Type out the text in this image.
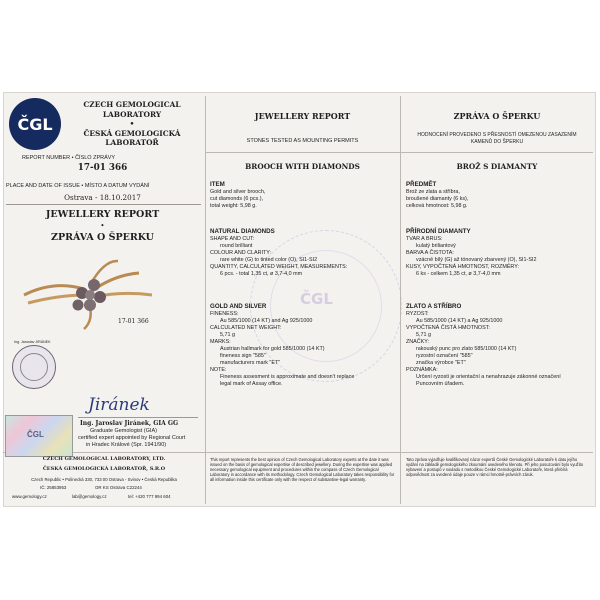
ČGL
ČGL
CZECH GEMOLOGICAL
LABORATORY
•
ČESKÁ GEMOLOGICKÁ
LABORATOŘ
REPORT NUMBER • ČÍSLO ZPRÁVY
17-01 366
PLACE AND DATE OF ISSUE • MÍSTO A DATUM VYDÁNÍ
Ostrava - 18.10.2017
JEWELLERY REPORT
•
ZPRÁVA O ŠPERKU
17-01 366
Ing. Jaroslav JIRÁNEK
Jiránek
ČGL
Ing. Jaroslav Jiránek, GIA GG
Graduate Gemologist (GIA)
certified expert appointed by Regional Court
in Hradec Králové (Spr. 1941/90)
JEWELLERY REPORT
STONES TESTED AS MOUNTING PERMITS
BROOCH WITH DIAMONDS
ITEM
Gold and silver brooch,
cut diamonds (6 pcs.),
total weight: 5,98 g.
NATURAL DIAMONDS
SHAPE AND CUT:
round brilliant
COLOUR AND CLARITY:
rare white (G) to tinted color (O), SI1-SI2
QUANTITY, CALCULATED WEIGHT, MEASUREMENTS:
6 pcs. - total 1,35 ct, ø 3,7-4,0 mm
GOLD AND SILVER
FINENESS:
Au 585/1000 (14 KT) and Ag 925/1000
CALCULATED NET WEIGHT:
5,71 g
MARKS:
Austrian hallmark for gold 585/1000 (14 KT)
fineness sign "585"
manufacturers mark "ET"
NOTE:
Fineness assesment is approximate and doesn't replace
legal mark of Assay office.
ZPRÁVA O ŠPERKU
HODNOCENÍ PROVEDENO S PŘESNOSTÍ OMEZENOU ZASAZENÍM
KAMENŮ DO ŠPERKU
BROŽ S DIAMANTY
PŘEDMĚT
Brož ze zlata a stříbra,
broušené diamanty (6 ks),
celková hmotnost: 5,98 g.
PŘÍRODNÍ DIAMANTY
TVAR A BRUS:
kulatý briliantový
BARVA A ČISTOTA:
vzácně bílý (G) až tónovaný zbarvený (O), SI1-SI2
KUSY, VYPOČTENÁ HMOTNOST, ROZMĚRY:
6 ks - celkem 1,35 ct, ø 3,7-4,0 mm
ZLATO A STŘÍBRO
RYZOST:
Au 585/1000 (14 KT) a Ag 925/1000
VYPOČTENÁ ČISTÁ HMOTNOST:
5,71 g
ZNAČKY:
rakouský punc pro zlato 585/1000 (14 KT)
ryzostní označení "585"
značka výrobce "ET"
POZNÁMKA:
Určení ryzosti je orientační a nenahrazuje zákonné označení
Puncovním úřadem.
CZECH GEMOLOGICAL LABORATORY, LTD.
ČESKÁ GEMOLOGICKÁ LABORATOŘ, S.R.O
Czech Republic • Polinecká 330, 733 00 Ostrava - Svinov • Česká Republika
IČ: 25853953	OR KS Ostrava C22244
www.gemology.cz	lab@gemology.cz	tel: +420 777 994 604
This report represents the best opinion of Czech Gemological Laboratory experts at the date it was issued on the basis of gemological expertise of described jewellery. During the expertise was applied necessary gemological equipment and procedures within the compass of Czech Gemological Laboratory in accordance with its methodology. Czech Gemological Laboratory takes responsibility for all information inside this certificate only with the respect of substantive-legal warranty.
Tato zpráva vyjadřuje kvalifikovaný názor expertů České Gemologické Laboratoře k datu jejího vydání na základě gemologického zkoumání uvedeného klenotu. Při jeho posuzování bylo využito vybavení a postupů v souladu s metodikou České Gemologické Laboratoře, která přebírá odpovědnost za uvedené údaje pouze v rámci hmotně-právních záruk.
